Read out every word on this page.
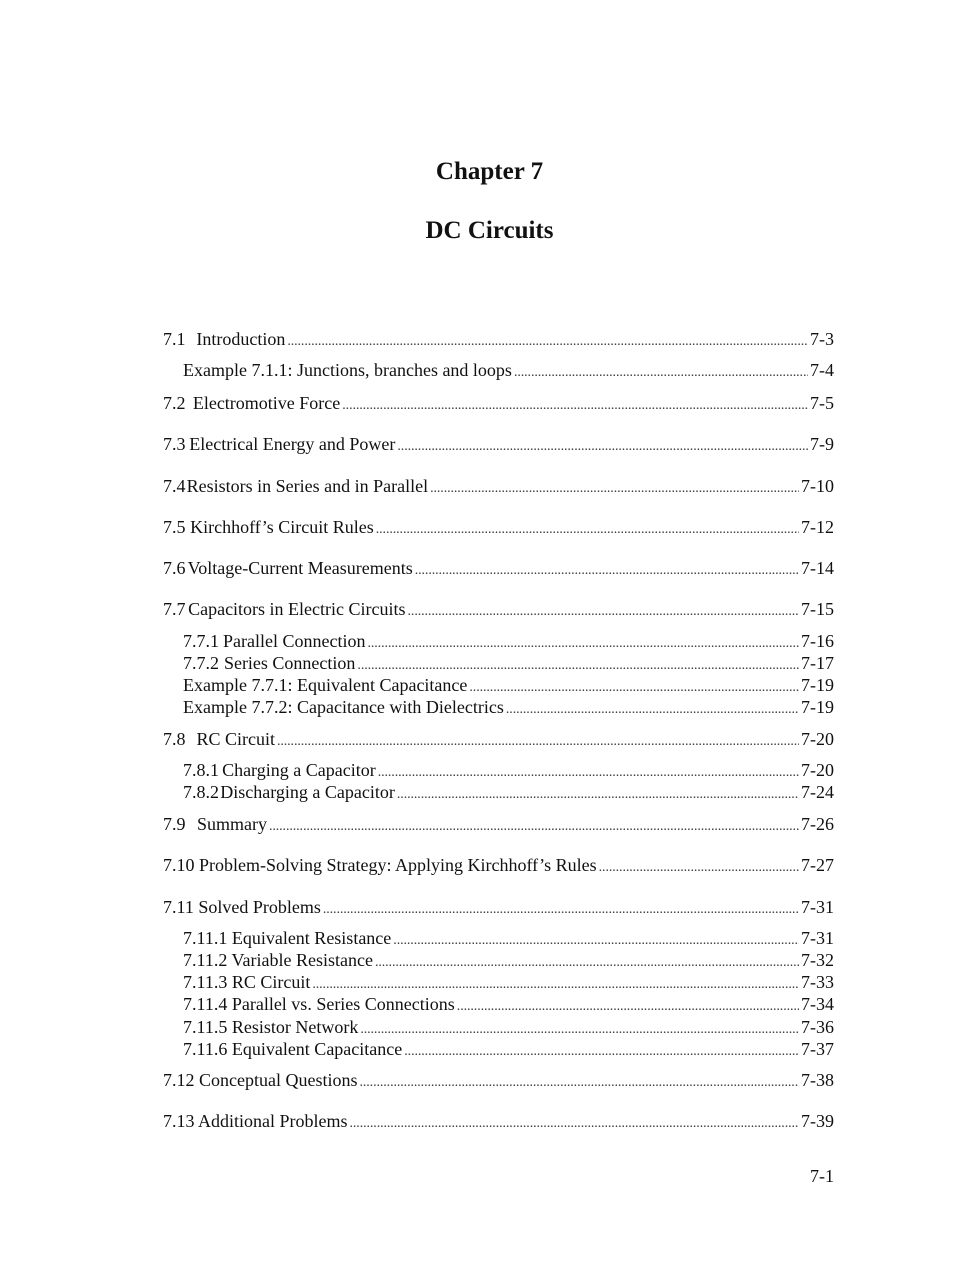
Chapter 7
DC Circuits
7.1 Introduction . . .	7-3
Example 7.1.1: Junctions, branches and loops . . .	7-4
7.2 Electromotive Force . . .	7-5
7.3 Electrical Energy and Power . . .	7-9
7.4 Resistors in Series and in Parallel . . .	7-10
7.5 Kirchhoff’s Circuit Rules . . .	7-12
7.6 Voltage-Current Measurements . . .	7-14
7.7 Capacitors in Electric Circuits . . .	7-15
7.7.1 Parallel Connection . . .	7-16
7.7.2 Series Connection . . .	7-17
Example 7.7.1: Equivalent Capacitance . . .	7-19
Example 7.7.2: Capacitance with Dielectrics . . .	7-19
7.8 RC Circuit . . .	7-20
7.8.1 Charging a Capacitor . . .	7-20
7.8.2 Discharging a Capacitor . . .	7-24
7.9 Summary . . .	7-26
7.10 Problem-Solving Strategy: Applying Kirchhoff’s Rules . . .	7-27
7.11 Solved Problems . . .	7-31
7.11.1 Equivalent Resistance . . .	7-31
7.11.2 Variable Resistance . . .	7-32
7.11.3 RC Circuit . . .	7-33
7.11.4 Parallel vs. Series Connections . . .	7-34
7.11.5 Resistor Network . . .	7-36
7.11.6 Equivalent Capacitance . . .	7-37
7.12 Conceptual Questions . . .	7-38
7.13 Additional Problems . . .	7-39
7-1
